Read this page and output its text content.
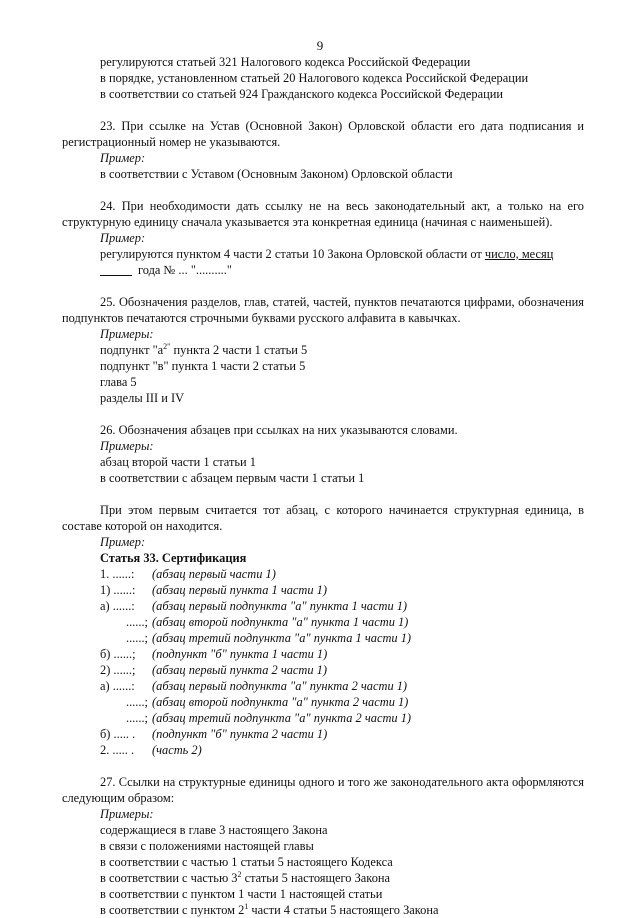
9
регулируются статьей 321 Налогового кодекса Российской Федерации
в порядке, установленном статьей 20 Налогового кодекса Российской Федерации
в соответствии со статьей 924 Гражданского кодекса Российской Федерации

23. При ссылке на Устав (Основной Закон) Орловской области его дата подписания и регистрационный номер не указываются.

Пример:
в соответствии с Уставом (Основным Законом) Орловской области

24. При необходимости дать ссылку не на весь законодательный акт, а только на его структурную единицу сначала указывается эта конкретная единица (начиная с наименьшей).

Пример:
регулируются пунктом 4 части 2 статьи 10 Закона Орловской области от число, месяц
года № ... ".........."

25. Обозначения разделов, глав, статей, частей, пунктов печатаются цифрами, обозначения подпунктов печатаются строчными буквами русского алфавита в кавычках.

Примеры:
подпункт "$а^{2"}$ пункта 2 части 1 статьи 5
подпункт "в" пункта 1 части 2 статьи 5
глава 5
разделы III и IV

26. Обозначения абзацев при ссылках на них указываются словами.

Примеры:
абзац второй части 1 статьи 1
в соответствии с абзацем первым части 1 статьи 1

При этом первым считается тот абзац, с которого начинается структурная единица, в составе которой он находится.

Пример:
Статья 33. Сертификация
1. ......:	(абзац первый части 1)
1) ......:	(абзац первый пункта 1 части 1)
а) ......:	(абзац первый подпункта "а" пункта 1 части 1)
......; (абзац второй подпункта "а" пункта 1 части 1)
......; (абзац третий подпункта "а" пункта 1 части 1)
б) ......;	(подпункт "б" пункта 1 части 1)
2) ......;	(абзац первый пункта 2 части 1)
а) ......:	(абзац первый подпункта "а" пункта 2 части 1)
......; (абзац второй подпункта "а" пункта 2 части 1)
......; (абзац третий подпункта "а" пункта 2 части 1)
б) ..... .	(подпункт "б" пункта 2 части 1)
2. ..... .	(часть 2)

27. Ссылки на структурные единицы одного и того же законодательного акта оформляются следующим образом:

Примеры:
содержащиеся в главе 3 настоящего Закона
в связи с положениями настоящей главы
в соответствии с частью 1 статьи 5 настоящего Кодекса
в соответствии с частью $3^2$ статьи 5 настоящего Закона
в соответствии с пунктом 1 части 1 настоящей статьи
в соответствии с пунктом $2^1$ части 4 статьи 5 настоящего Закона
